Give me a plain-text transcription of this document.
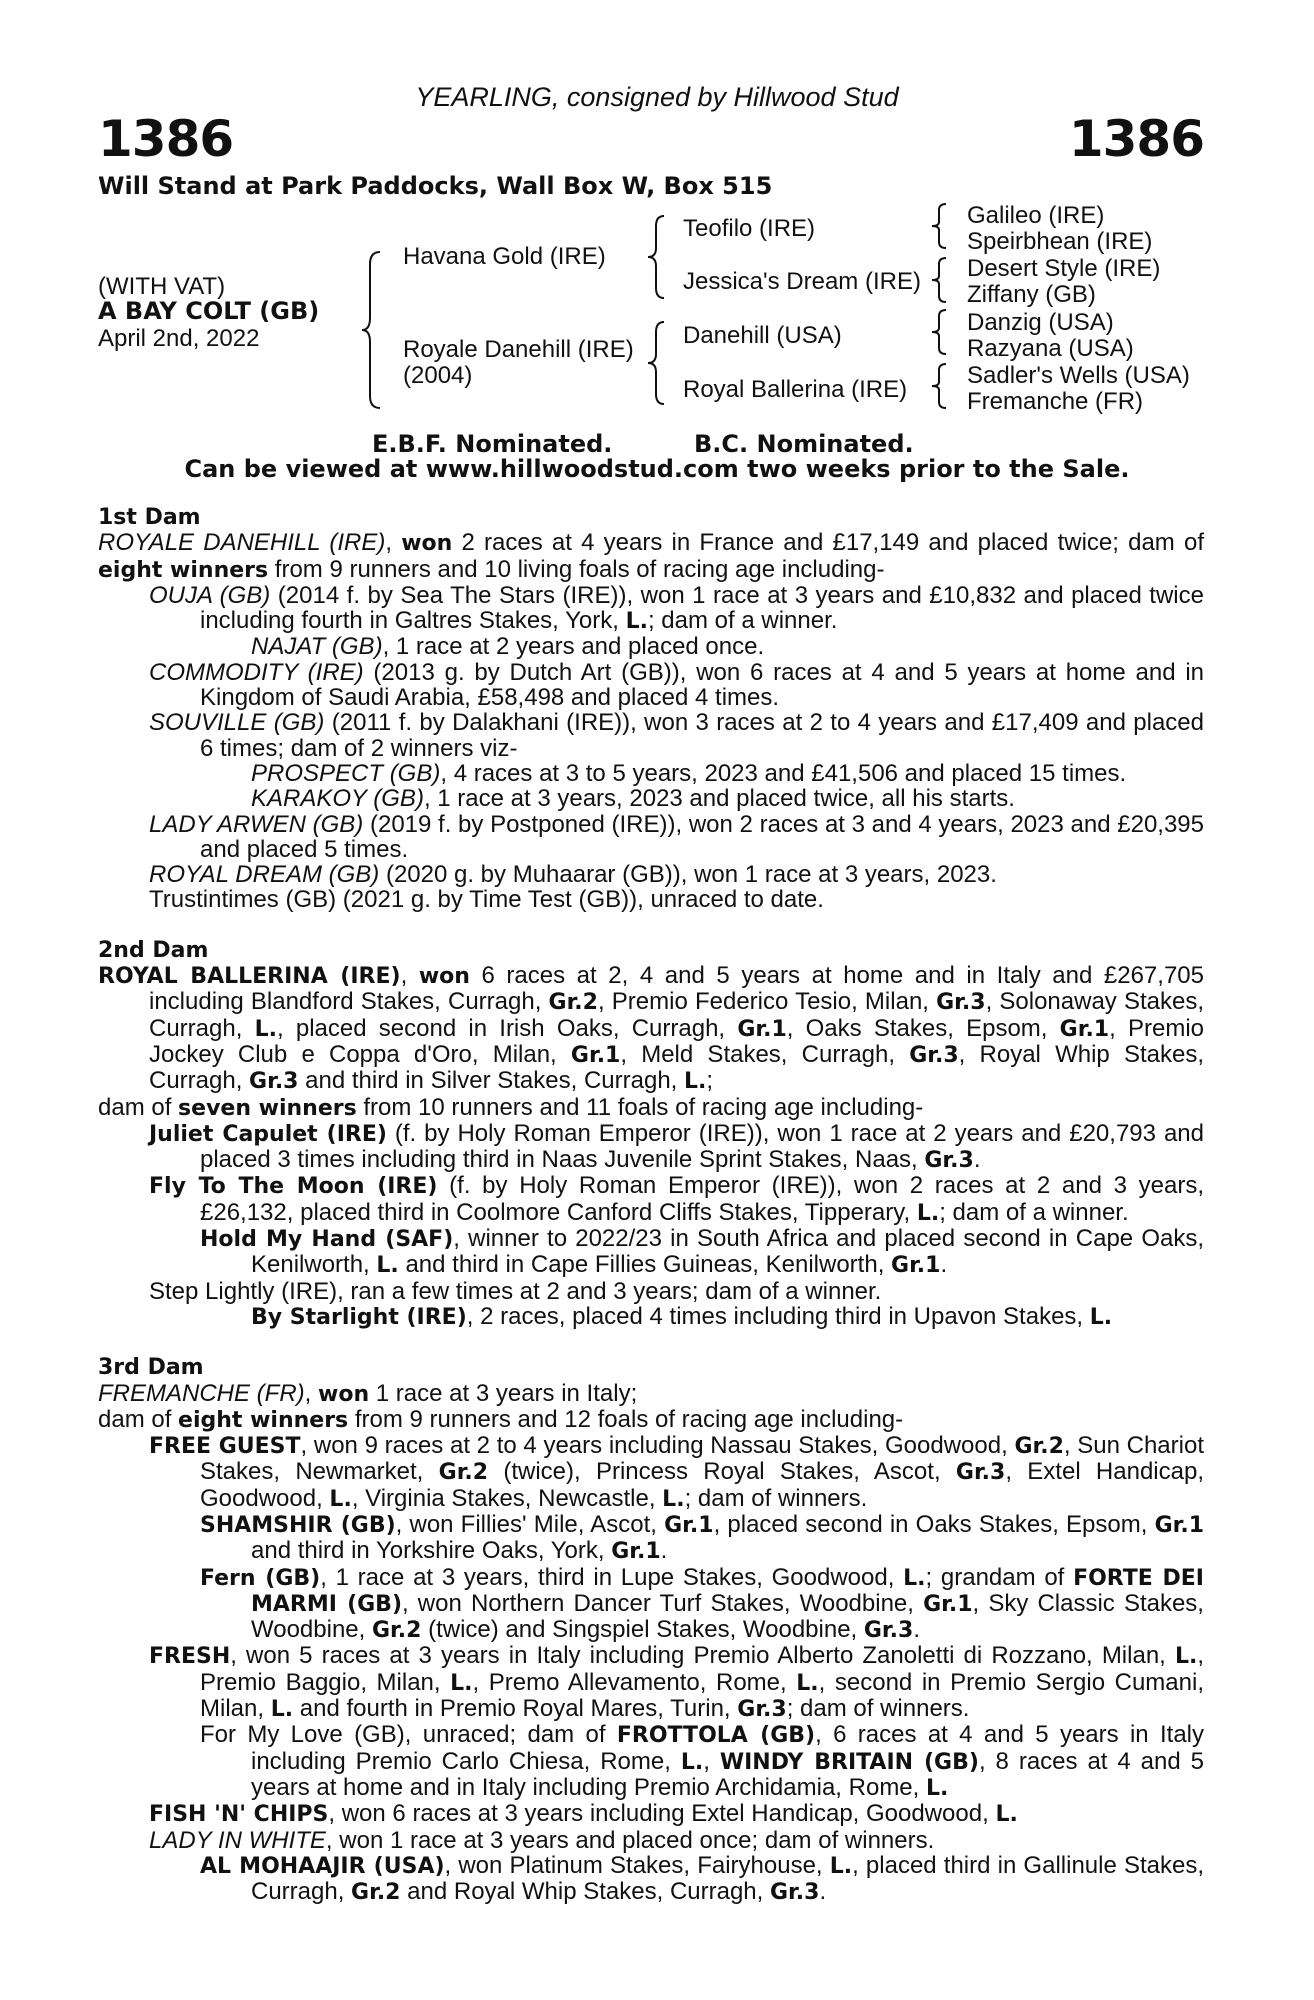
YEARLING, consigned by Hillwood Stud
1386	1386
Will Stand at Park Paddocks, Wall Box W, Box 515
(WITH VAT)
A BAY COLT (GB)
April 2nd, 2022
Havana Gold (IRE)
Royale Danehill (IRE)
(2004)
Teofilo (IRE)
Jessica's Dream (IRE)
Danehill (USA)
Royal Ballerina (IRE)
Galileo (IRE)
Speirbhean (IRE)
Desert Style (IRE)
Ziffany (GB)
Danzig (USA)
Razyana (USA)
Sadler's Wells (USA)
Fremanche (FR)
E.B.F. Nominated.	B.C. Nominated.
Can be viewed at www.hillwoodstud.com two weeks prior to the Sale.
1st Dam
ROYALE DANEHILL (IRE), won 2 races at 4 years in France and £17,149 and placed twice; dam of eight winners from 9 runners and 10 living foals of racing age including-
OUJA (GB) (2014 f. by Sea The Stars (IRE)), won 1 race at 3 years and £10,832 and placed twice including fourth in Galtres Stakes, York, L.; dam of a winner.
NAJAT (GB), 1 race at 2 years and placed once.
COMMODITY (IRE) (2013 g. by Dutch Art (GB)), won 6 races at 4 and 5 years at home and in Kingdom of Saudi Arabia, £58,498 and placed 4 times.
SOUVILLE (GB) (2011 f. by Dalakhani (IRE)), won 3 races at 2 to 4 years and £17,409 and placed 6 times; dam of 2 winners viz-
PROSPECT (GB), 4 races at 3 to 5 years, 2023 and £41,506 and placed 15 times.
KARAKOY (GB), 1 race at 3 years, 2023 and placed twice, all his starts.
LADY ARWEN (GB) (2019 f. by Postponed (IRE)), won 2 races at 3 and 4 years, 2023 and £20,395 and placed 5 times.
ROYAL DREAM (GB) (2020 g. by Muhaarar (GB)), won 1 race at 3 years, 2023.
Trustintimes (GB) (2021 g. by Time Test (GB)), unraced to date.
2nd Dam
ROYAL BALLERINA (IRE), won 6 races at 2, 4 and 5 years at home and in Italy and £267,705 including Blandford Stakes, Curragh, Gr.2, Premio Federico Tesio, Milan, Gr.3, Solonaway Stakes, Curragh, L., placed second in Irish Oaks, Curragh, Gr.1, Oaks Stakes, Epsom, Gr.1, Premio Jockey Club e Coppa d'Oro, Milan, Gr.1, Meld Stakes, Curragh, Gr.3, Royal Whip Stakes, Curragh, Gr.3 and third in Silver Stakes, Curragh, L.;
dam of seven winners from 10 runners and 11 foals of racing age including-
Juliet Capulet (IRE) (f. by Holy Roman Emperor (IRE)), won 1 race at 2 years and £20,793 and placed 3 times including third in Naas Juvenile Sprint Stakes, Naas, Gr.3.
Fly To The Moon (IRE) (f. by Holy Roman Emperor (IRE)), won 2 races at 2 and 3 years, £26,132, placed third in Coolmore Canford Cliffs Stakes, Tipperary, L.; dam of a winner.
Hold My Hand (SAF), winner to 2022/23 in South Africa and placed second in Cape Oaks, Kenilworth, L. and third in Cape Fillies Guineas, Kenilworth, Gr.1.
Step Lightly (IRE), ran a few times at 2 and 3 years; dam of a winner.
By Starlight (IRE), 2 races, placed 4 times including third in Upavon Stakes, L.
3rd Dam
FREMANCHE (FR), won 1 race at 3 years in Italy;
dam of eight winners from 9 runners and 12 foals of racing age including-
FREE GUEST, won 9 races at 2 to 4 years including Nassau Stakes, Goodwood, Gr.2, Sun Chariot Stakes, Newmarket, Gr.2 (twice), Princess Royal Stakes, Ascot, Gr.3, Extel Handicap, Goodwood, L., Virginia Stakes, Newcastle, L.; dam of winners.
SHAMSHIR (GB), won Fillies' Mile, Ascot, Gr.1, placed second in Oaks Stakes, Epsom, Gr.1 and third in Yorkshire Oaks, York, Gr.1.
Fern (GB), 1 race at 3 years, third in Lupe Stakes, Goodwood, L.; grandam of FORTE DEI MARMI (GB), won Northern Dancer Turf Stakes, Woodbine, Gr.1, Sky Classic Stakes, Woodbine, Gr.2 (twice) and Singspiel Stakes, Woodbine, Gr.3.
FRESH, won 5 races at 3 years in Italy including Premio Alberto Zanoletti di Rozzano, Milan, L., Premio Baggio, Milan, L., Premo Allevamento, Rome, L., second in Premio Sergio Cumani, Milan, L. and fourth in Premio Royal Mares, Turin, Gr.3; dam of winners.
For My Love (GB), unraced; dam of FROTTOLA (GB), 6 races at 4 and 5 years in Italy including Premio Carlo Chiesa, Rome, L., WINDY BRITAIN (GB), 8 races at 4 and 5 years at home and in Italy including Premio Archidamia, Rome, L.
FISH 'N' CHIPS, won 6 races at 3 years including Extel Handicap, Goodwood, L.
LADY IN WHITE, won 1 race at 3 years and placed once; dam of winners.
AL MOHAAJIR (USA), won Platinum Stakes, Fairyhouse, L., placed third in Gallinule Stakes, Curragh, Gr.2 and Royal Whip Stakes, Curragh, Gr.3.
